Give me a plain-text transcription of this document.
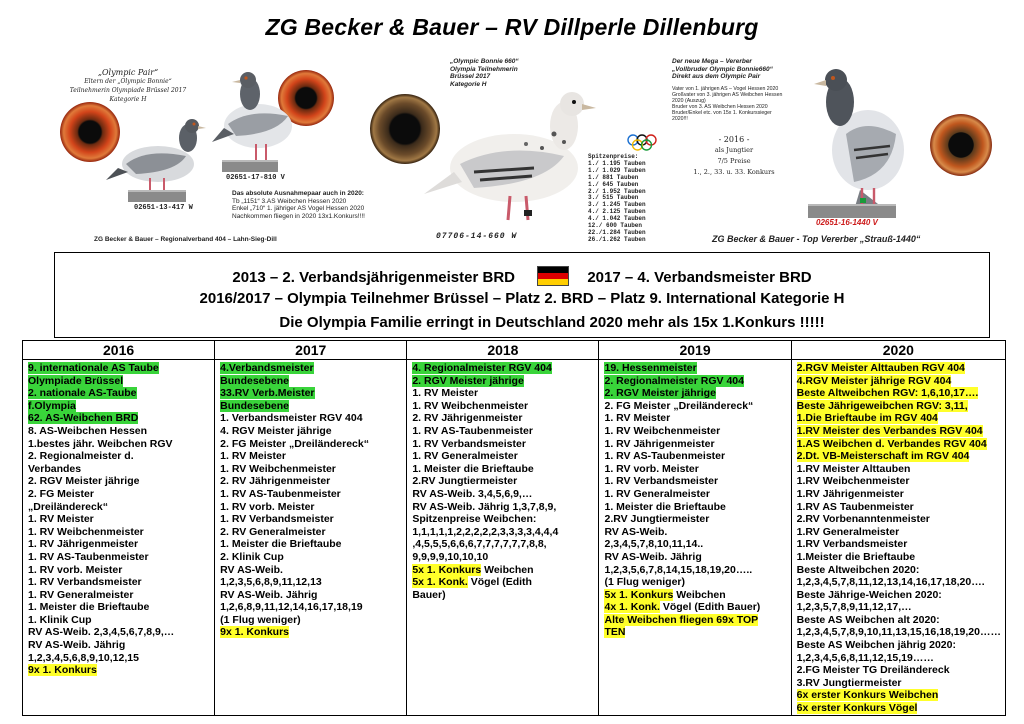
ZG Becker & Bauer – RV Dillperle Dillenburg
„Olympic Pair“
Eltern der „Olympic Bonnie“
Teilnehmerin Olympiade Brüssel 2017
Kategorie H
02651-13-417 W
02651-17-810 V
Das absolute Ausnahmepaar auch in 2020:
Tb „1151“ 3.AS Weibchen Hessen 2020
Enkel „710“ 1. jähriger AS Vogel Hessen 2020
Nachkommen fliegen in 2020 13x1.Konkurs!!!!
ZG Becker & Bauer – Regionalverband 404 – Lahn-Sieg-Dill
„Olympic Bonnie 660“
Olympia Teilnehmerin
Brüssel 2017
Kategorie H
Spitzenpreise:
1./ 1.195 Tauben
1./ 1.029 Tauben
1./ 881 Tauben
1./ 645 Tauben
2./ 1.952 Tauben
3./ 515 Tauben
3./ 1.245 Tauben
4./ 2.125 Tauben
4./ 1.042 Tauben
12./ 600 Tauben
22./1.284 Tauben
26./1.262 Tauben
07706-14-660 W
Der neue Mega – Vererber
„Vollbruder Olympic Bonnie660“
Direkt aus dem Olympic Pair
Vater von 1. jährigen AS – Vogel Hessen 2020
Großvater von 3. jährigen AS Weibchen Hessen 2020 (Auszug)
Bruder von 3. AS Weibchen Hessen 2020
Bruder/Enkel etc. von 15x 1. Konkurssieger 2020!!!
- 2016 -
als Jungtier
7/5 Preise
1., 2., 33. u. 33. Konkurs
02651-16-1440 V
ZG Becker & Bauer - Top Vererber „Strauß-1440“
2013 – 2. Verbandsjährigenmeister BRD	2017 – 4. Verbandsmeister BRD
2016/2017 – Olympia Teilnehmer Brüssel – Platz 2. BRD – Platz 9. International Kategorie H
Die Olympia Familie erringt in Deutschland 2020 mehr als 15x 1.Konkurs !!!!!
2016
9. internationale AS Taube
Olympiade Brüssel
2. nationale AS-Taube
f.Olympia
62. AS-Weibchen BRD
8. AS-Weibchen Hessen
1.bestes jähr. Weibchen RGV
2. Regionalmeister d.
Verbandes
2. RGV Meister jährige
2. FG Meister
„Dreiländereck“
1. RV Meister
1. RV Weibchenmeister
1. RV Jährigenmeister
1. RV AS-Taubenmeister
1. RV vorb. Meister
1. RV Verbandsmeister
1. RV Generalmeister
1. Meister die Brieftaube
1. Klinik Cup
RV AS-Weib. 2,3,4,5,6,7,8,9,…
RV AS-Weib. Jährig
1,2,3,4,5,6,8,9,10,12,15
9x 1. Konkurs
2017
4.Verbandsmeister
Bundesebene
33.RV Verb.Meister
Bundesebene
1. Verbandsmeister RGV 404
4. RGV Meister jährige
2. FG Meister „Dreiländereck“
1. RV Meister
1. RV Weibchenmeister
2. RV Jährigenmeister
1. RV AS-Taubenmeister
1. RV vorb. Meister
1. RV Verbandsmeister
2. RV Generalmeister
1. Meister die Brieftaube
2. Klinik Cup
RV AS-Weib.
1,2,3,5,6,8,9,11,12,13
RV AS-Weib. Jährig
1,2,6,8,9,11,12,14,16,17,18,19
(1 Flug weniger)
9x 1. Konkurs
2018
4. Regionalmeister RGV 404
2. RGV Meister jährige
1. RV Meister
1. RV Weibchenmeister
2. RV Jährigenmeister
1. RV AS-Taubenmeister
1. RV Verbandsmeister
1. RV Generalmeister
1. Meister die Brieftaube
2.RV Jungtiermeister
RV AS-Weib. 3,4,5,6,9,…
RV AS-Weib. Jährig 1,3,7,8,9,
Spitzenpreise Weibchen:
1,1,1,1,1,2,2,2,2,2,3,3,3,3,4,4,4
,4,5,5,5,6,6,6,7,7,7,7,7,7,8,8,
9,9,9,9,10,10,10
5x 1. Konkurs Weibchen
5x 1. Konk. Vögel (Edith
Bauer)
2019
19. Hessenmeister
2. Regionalmeister RGV 404
2. RGV Meister jährige
2. FG Meister „Dreiländereck“
1. RV Meister
1. RV Weibchenmeister
1. RV Jährigenmeister
1. RV AS-Taubenmeister
1. RV vorb. Meister
1. RV Verbandsmeister
1. RV Generalmeister
1. Meister die Brieftaube
2.RV Jungtiermeister
RV AS-Weib.
2,3,4,5,7,8,10,11,14..
RV AS-Weib. Jährig
1,2,3,5,6,7,8,14,15,18,19,20…..
(1 Flug weniger)
5x 1. Konkurs Weibchen
4x 1. Konk. Vögel (Edith Bauer)
Alte Weibchen fliegen 69x TOP
TEN
2020
2.RGV Meister Alttauben RGV 404
4.RGV Meister jährige RGV 404
Beste Altweibchen RGV: 1,6,10,17….
Beste Jährigeweibchen RGV: 3,11,
1.Die Brieftaube im RGV 404
1.RV Meister des Verbandes RGV 404
1.AS Weibchen d. Verbandes RGV 404
2.Dt. VB-Meisterschaft im RGV 404
1.RV Meister Alttauben
1.RV Weibchenmeister
1.RV Jährigenmeister
1.RV AS Taubenmeister
2.RV Vorbenanntenmeister
1.RV Generalmeister
1.RV Verbandsmeister
1.Meister die Brieftaube
Beste Altweibchen 2020:
1,2,3,4,5,7,8,11,12,13,14,16,17,18,20….
Beste Jährige-Weichen 2020:
1,2,3,5,7,8,9,11,12,17,…
Beste AS Weibchen alt 2020:
1,2,3,4,5,7,8,9,10,11,13,15,16,18,19,20……
Beste AS Weibchen jährig 2020:
1,2,3,4,5,6,8,11,12,15,19……
2.FG Meister TG Dreiländereck
3.RV Jungtiermeister
6x erster Konkurs Weibchen
6x erster Konkurs Vögel
